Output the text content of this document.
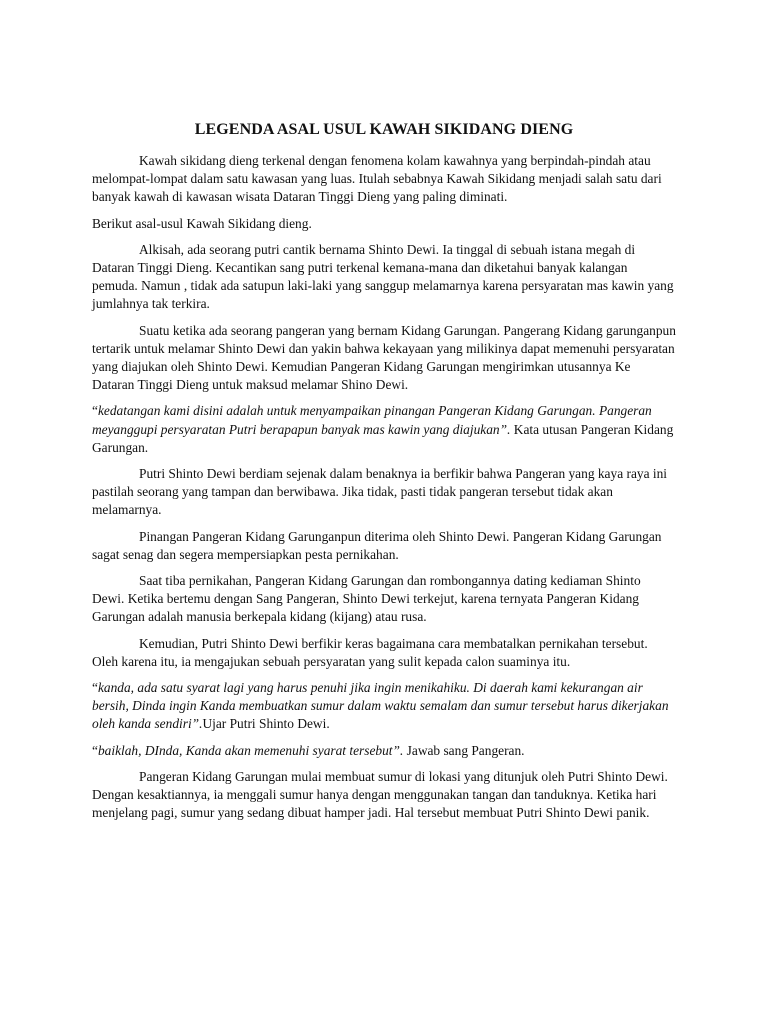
LEGENDA ASAL USUL KAWAH SIKIDANG DIENG

Kawah sikidang dieng terkenal dengan fenomena kolam kawahnya yang berpindah-pindah atau melompat-lompat dalam satu kawasan yang luas. Itulah sebabnya Kawah Sikidang menjadi salah satu dari banyak kawah di kawasan wisata Dataran Tinggi Dieng yang paling diminati.

Berikut asal-usul Kawah Sikidang dieng.

Alkisah, ada seorang putri cantik bernama Shinto Dewi. Ia tinggal di sebuah istana megah di Dataran Tinggi Dieng. Kecantikan sang putri terkenal kemana-mana dan diketahui banyak kalangan pemuda. Namun , tidak ada satupun laki-laki yang sanggup melamarnya karena persyaratan mas kawin yang jumlahnya tak terkira.

Suatu ketika ada seorang pangeran yang bernam Kidang Garungan. Pangerang Kidang garunganpun tertarik untuk melamar Shinto Dewi dan yakin bahwa kekayaan yang milikinya dapat memenuhi persyaratan yang diajukan oleh Shinto Dewi. Kemudian Pangeran Kidang Garungan mengirimkan utusannya Ke Dataran Tinggi Dieng untuk maksud melamar Shino Dewi.

“kedatangan kami disini adalah untuk menyampaikan pinangan Pangeran Kidang Garungan. Pangeran meyanggupi persyaratan Putri berapapun banyak mas kawin yang diajukan”. Kata utusan Pangeran Kidang Garungan.

Putri Shinto Dewi berdiam sejenak dalam benaknya ia berfikir bahwa Pangeran yang kaya raya ini pastilah seorang yang tampan dan berwibawa. Jika tidak, pasti tidak pangeran tersebut tidak akan melamarnya.

Pinangan Pangeran Kidang Garunganpun diterima oleh Shinto Dewi. Pangeran Kidang Garungan sagat senag dan segera mempersiapkan pesta pernikahan.

Saat tiba pernikahan, Pangeran Kidang Garungan dan rombongannya dating kediaman Shinto Dewi. Ketika bertemu dengan Sang Pangeran, Shinto Dewi terkejut, karena ternyata Pangeran Kidang Garungan adalah manusia berkepala kidang (kijang) atau rusa.

Kemudian, Putri Shinto Dewi berfikir keras bagaimana cara membatalkan pernikahan tersebut. Oleh karena itu, ia mengajukan sebuah persyaratan yang sulit kepada calon suaminya itu.

“kanda, ada satu syarat lagi yang harus penuhi jika ingin menikahiku. Di daerah kami kekurangan air bersih, Dinda ingin Kanda membuatkan sumur dalam waktu semalam dan sumur tersebut harus dikerjakan oleh kanda sendiri”.Ujar Putri Shinto Dewi.

“baiklah, DInda, Kanda akan memenuhi syarat tersebut”. Jawab sang Pangeran.

Pangeran Kidang Garungan mulai membuat sumur di lokasi yang ditunjuk oleh Putri Shinto Dewi. Dengan kesaktiannya, ia menggali sumur hanya dengan menggunakan tangan dan tanduknya. Ketika hari menjelang pagi, sumur yang sedang dibuat hamper jadi. Hal tersebut membuat Putri Shinto Dewi panik.
